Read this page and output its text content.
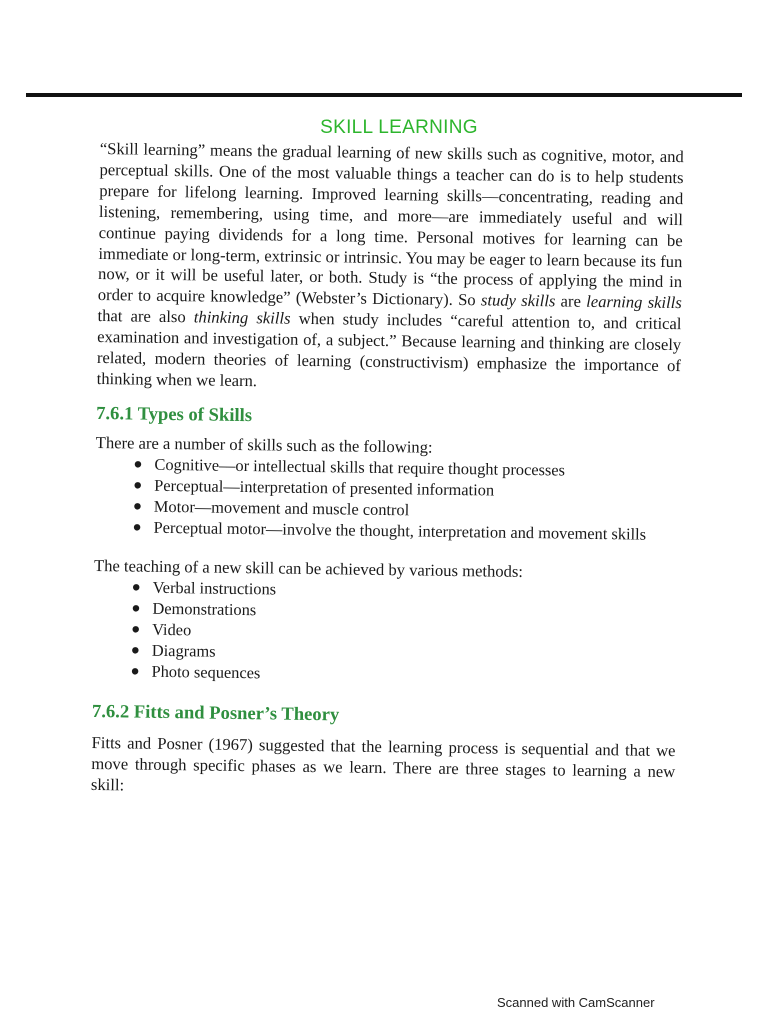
SKILL LEARNING

“Skill learning” means the gradual learning of new skills such as cognitive, motor, and perceptual skills. One of the most valuable things a teacher can do is to help students prepare for lifelong learning. Improved learning skills—concentrating, reading and listening, remembering, using time, and more—are immediately useful and will continue paying dividends for a long time. Personal motives for learning can be immediate or long-term, extrinsic or intrinsic. You may be eager to learn because its fun now, or it will be useful later, or both. Study is “the process of applying the mind in order to acquire knowledge” (Webster’s Dictionary). So study skills are learning skills that are also thinking skills when study includes “careful attention to, and critical examination and investigation of, a subject.” Because learning and thinking are closely related, modern theories of learning (constructivism) emphasize the importance of thinking when we learn.

7.6.1 Types of Skills

There are a number of skills such as the following:

● Cognitive—or intellectual skills that require thought processes
● Perceptual—interpretation of presented information
● Motor—movement and muscle control
● Perceptual motor—involve the thought, interpretation and movement skills

The teaching of a new skill can be achieved by various methods:

● Verbal instructions
● Demonstrations
● Video
● Diagrams
● Photo sequences
7.6.2 Fitts and Posner’s Theory

Fitts and Posner (1967) suggested that the learning process is sequential and that we move through specific phases as we learn. There are three stages to learning a new skill:

Scanned with CamScanner
